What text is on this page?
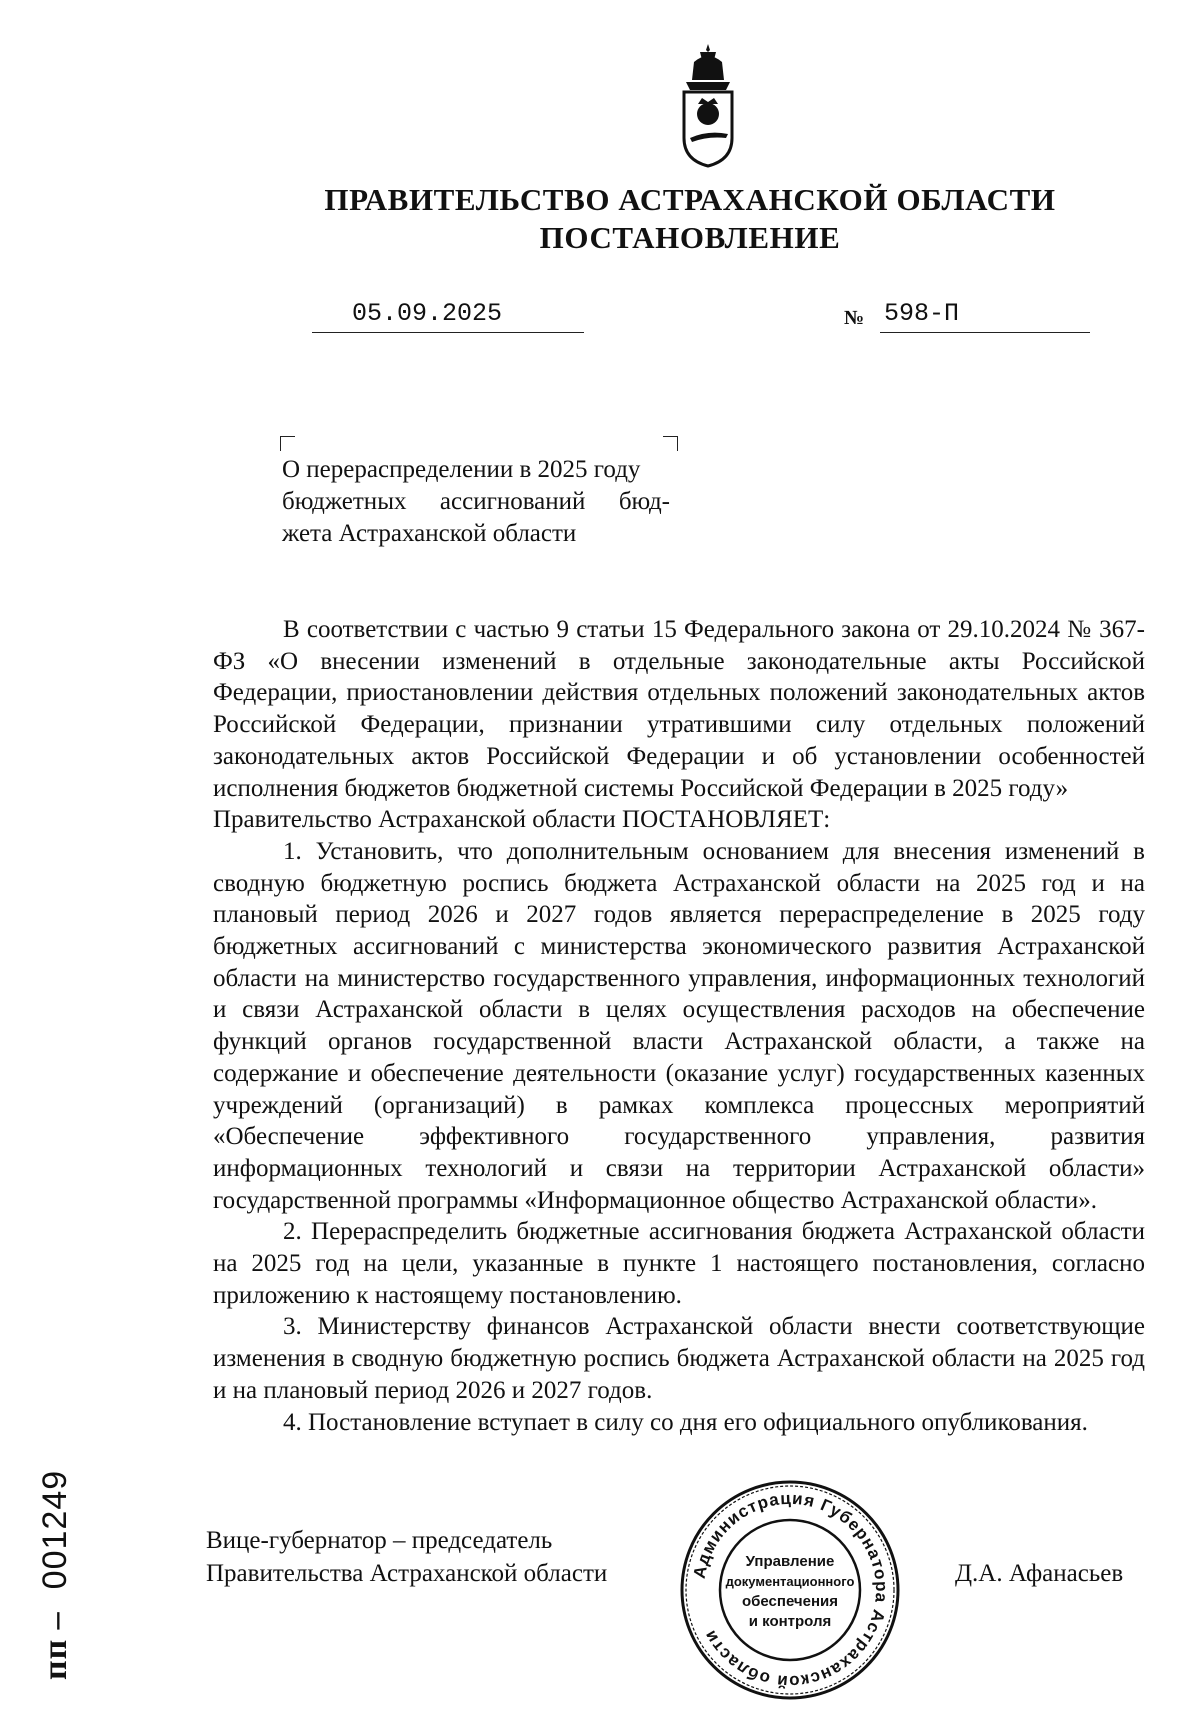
ПРАВИТЕЛЬСТВО АСТРАХАНСКОЙ ОБЛАСТИ
ПОСТАНОВЛЕНИЕ
05.09.2025	№ 598-П
О перераспределении в 2025 году
бюджетных ассигнований бюд-
жета Астраханской области

В соответствии с частью 9 статьи 15 Федерального закона от 29.10.2024 № 367-ФЗ «О внесении изменений в отдельные законодательные акты Российской Федерации, приостановлении действия отдельных положений законодательных актов Российской Федерации, признании утратившими силу отдельных положений законодательных актов Российской Федерации и об установлении особенностей исполнения бюджетов бюджетной системы Российской Федерации в 2025 году»

Правительство Астраханской области ПОСТАНОВЛЯЕТ:

1. Установить, что дополнительным основанием для внесения изменений в сводную бюджетную роспись бюджета Астраханской области на 2025 год и на плановый период 2026 и 2027 годов является перераспределение в 2025 году бюджетных ассигнований с министерства экономического развития Астраханской области на министерство государственного управления, информационных технологий и связи Астраханской области в целях осуществления расходов на обеспечение функций органов государственной власти Астраханской области, а также на содержание и обеспечение деятельности (оказание услуг) государственных казенных учреждений (организаций) в рамках комплекса процессных мероприятий «Обеспечение эффективного государственного управления, развития информационных технологий и связи на территории Астраханской области» государственной программы «Информационное общество Астраханской области».

2. Перераспределить бюджетные ассигнования бюджета Астраханской области на 2025 год на цели, указанные в пункте 1 настоящего постановления, согласно приложению к настоящему постановлению.

3. Министерству финансов Астраханской области внести соответствующие изменения в сводную бюджетную роспись бюджета Астраханской области на 2025 год и на плановый период 2026 и 2027 годов.

4. Постановление вступает в силу со дня его официального опубликования.

Вице-губернатор – председатель
Правительства Астраханской области	Администрация Губернатора Астраханской области
Управление
документационного
обеспечения
и контроля
Д.А. Афанасьев
пп –001249
